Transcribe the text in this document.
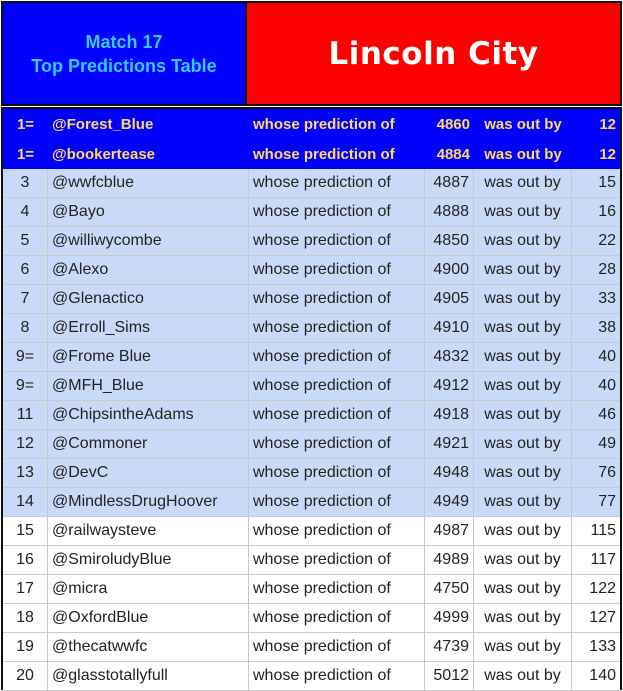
Match 17
Top Predictions Table	Lincoln City
1=	@Forest_Blue	whose prediction of	4860 was out by	12
1=	@bookertease	whose prediction of	4884 was out by	12
3	@wwfcblue	whose prediction of	4887 was out by	15
4	@Bayo	whose prediction of	4888 was out by	16
5	@williwycombe	whose prediction of	4850 was out by	22
6	@Alexo	whose prediction of	4900 was out by	28
7	@Glenactico	whose prediction of	4905 was out by	33
8	@Erroll_Sims	whose prediction of	4910 was out by	38
9=	@Frome Blue	whose prediction of	4832 was out by	40
9=	@MFH_Blue	whose prediction of	4912 was out by	40
11	@ChipsintheAdams	whose prediction of	4918 was out by	46
12	@Commoner	whose prediction of	4921 was out by	49
13	@DevC	whose prediction of	4948 was out by	76
14	@MindlessDrugHoover	whose prediction of	4949 was out by	77
15	@railwaysteve	whose prediction of	4987 was out by	115
16	@SmiroludyBlue	whose prediction of	4989 was out by	117
17	@micra	whose prediction of	4750 was out by	122
18	@OxfordBlue	whose prediction of	4999 was out by	127
19	@thecatwwfc	whose prediction of	4739 was out by	133
20	@glasstotallyfull	whose prediction of	5012 was out by	140
